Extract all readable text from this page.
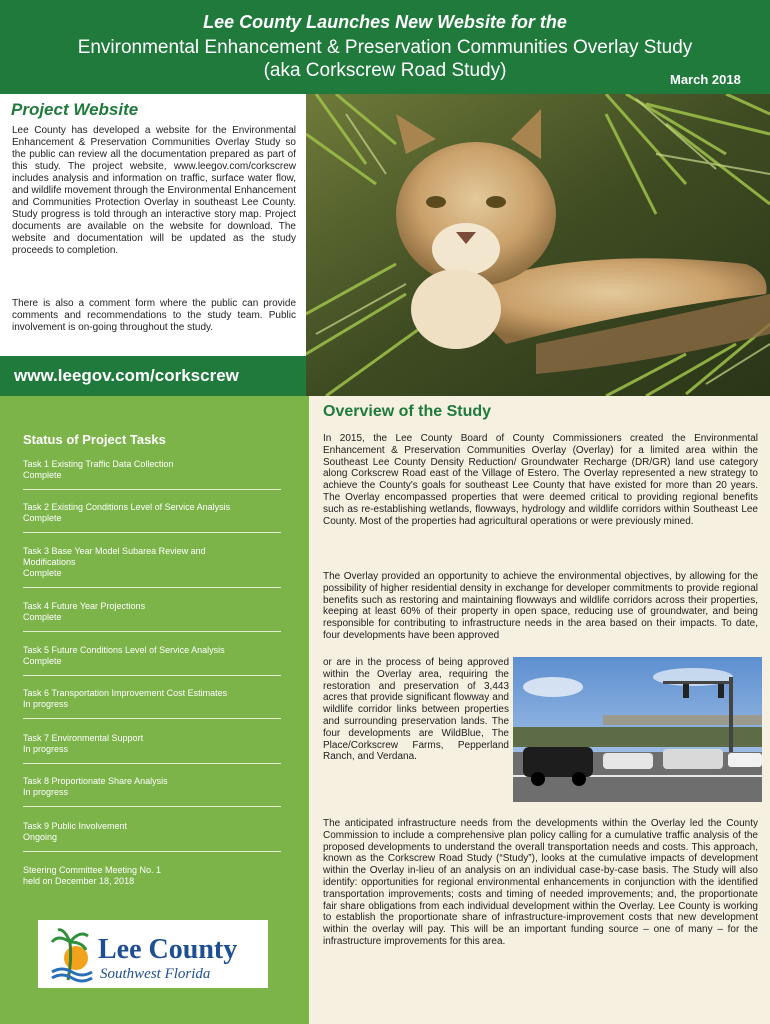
Lee County Launches New Website for the
Environmental Enhancement & Preservation Communities Overlay Study
(aka Corkscrew Road Study)	March 2018
Project Website
Lee County has developed a website for the Environmental Enhancement & Preservation Communities Overlay Study so the public can review all the documentation prepared as part of this study. The project website, www.leegov.com/corkscrew includes analysis and information on traffic, surface water flow, and wildlife movement through the Environmental Enhancement and Communities Protection Overlay in southeast Lee County. Study progress is told through an interactive story map. Project documents are available on the website for download. The website and documentation will be updated as the study proceeds to completion.
There is also a comment form where the public can provide comments and recommendations to the study team. Public involvement is on-going throughout the study.
www.leegov.com/corkscrew
Status of Project Tasks
Task 1 Existing Traffic Data Collection
Complete
Task 2 Existing Conditions Level of Service Analysis
Complete
Task 3 Base Year Model Subarea Review and Modifications
Complete
Task 4 Future Year Projections
Complete
Task 5 Future Conditions Level of Service Analysis
Complete
Task 6 Transportation Improvement Cost Estimates
In progress
Task 7 Environmental Support
In progress
Task 8 Proportionate Share Analysis
In progress
Task 9 Public Involvement
Ongoing
Steering Committee Meeting No. 1
held on December 18, 2018
Lee County
Southwest Florida
Overview of the Study
In 2015, the Lee County Board of County Commissioners created the Environmental Enhancement & Preservation Communities Overlay (Overlay) for a limited area within the Southeast Lee County Density Reduction/ Groundwater Recharge (DR/GR) land use category along Corkscrew Road east of the Village of Estero. The Overlay represented a new strategy to achieve the County's goals for southeast Lee County that have existed for more than 20 years. The Overlay encompassed properties that were deemed critical to providing regional benefits such as re-establishing wetlands, flowways, hydrology and wildlife corridors within Southeast Lee County. Most of the properties had agricultural operations or were previously mined.
The Overlay provided an opportunity to achieve the environmental objectives, by allowing for the possibility of higher residential density in exchange for developer commitments to provide regional benefits such as restoring and maintaining flowways and wildlife corridors across their properties, keeping at least 60% of their property in open space, reducing use of groundwater, and being responsible for contributing to infrastructure needs in the area based on their impacts. To date, four developments have been approved
or are in the process of being approved within the Overlay area, requiring the restoration and preservation of 3,443 acres that provide significant flowway and wildlife corridor links between properties and surrounding preservation lands. The four developments are WildBlue, The Place/Corkscrew Farms, Pepperland Ranch, and Verdana.
The anticipated infrastructure needs from the developments within the Overlay led the County Commission to include a comprehensive plan policy calling for a cumulative traffic analysis of the proposed developments to understand the overall transportation needs and costs. This approach, known as the Corkscrew Road Study (“Study”), looks at the cumulative impacts of development within the Overlay in-lieu of an analysis on an individual case-by-case basis. The Study will also identify: opportunities for regional environmental enhancements in conjunction with the identified transportation improvements; costs and timing of needed improvements; and, the proportionate fair share obligations from each individual development within the Overlay. Lee County is working to establish the proportionate share of infrastructure-improvement costs that new development within the overlay will pay. This will be an important funding source – one of many – for the infrastructure improvements for this area.
